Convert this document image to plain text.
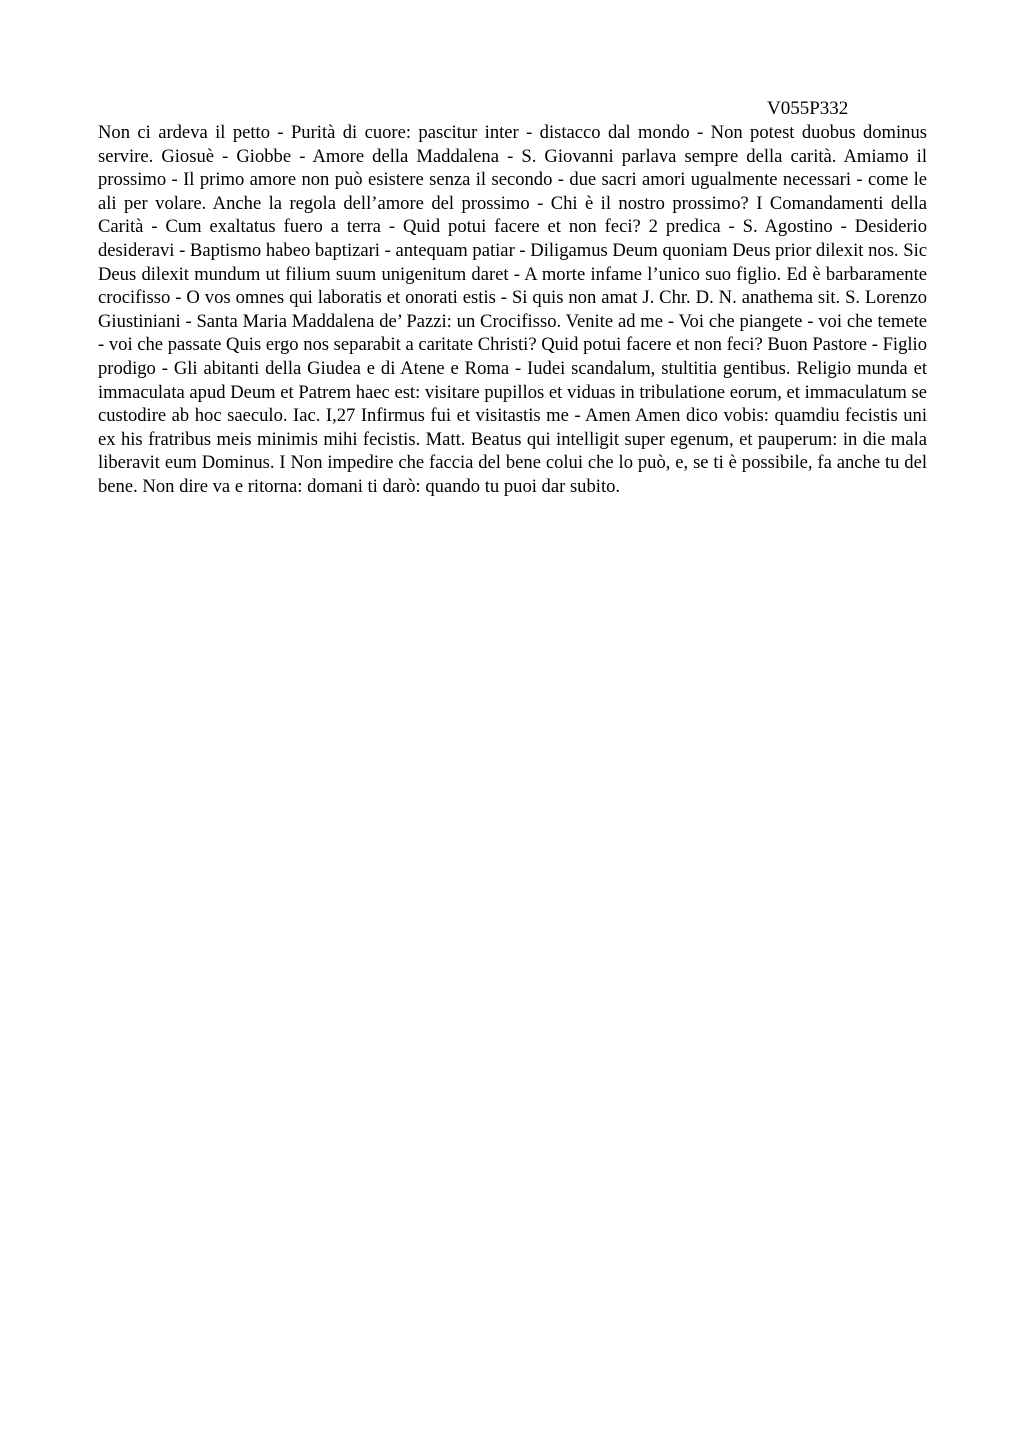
V055P332

Non ci ardeva il petto - Purità di cuore: pascitur inter - distacco dal mondo - Non potest duobus dominus servire. Giosuè - Giobbe - Amore della Maddalena - S. Giovanni parlava sempre della carità. Amiamo il prossimo - Il primo amore non può esistere senza il secondo - due sacri amori ugualmente necessari - come le ali per volare. Anche la regola dell’amore del prossimo - Chi è il nostro prossimo? I Comandamenti della Carità - Cum exaltatus fuero a terra - Quid potui facere et non feci? 2 predica - S. Agostino - Desiderio desideravi - Baptismo habeo baptizari - antequam patiar - Diligamus Deum quoniam Deus prior dilexit nos. Sic Deus dilexit mundum ut filium suum unigenitum daret - A morte infame l’unico suo figlio. Ed è barbaramente crocifisso - O vos omnes qui laboratis et onorati estis - Si quis non amat J. Chr. D. N. anathema sit. S. Lorenzo Giustiniani - Santa Maria Maddalena de’ Pazzi: un Crocifisso. Venite ad me - Voi che piangete - voi che temete - voi che passate Quis ergo nos separabit a caritate Christi? Quid potui facere et non feci? Buon Pastore - Figlio prodigo - Gli abitanti della Giudea e di Atene e Roma - Iudei scandalum, stultitia gentibus. Religio munda et immaculata apud Deum et Patrem haec est: visitare pupillos et viduas in tribulatione eorum, et immaculatum se custodire ab hoc saeculo. Iac. I,27 Infirmus fui et visitastis me - Amen Amen dico vobis: quamdiu fecistis uni ex his fratribus meis minimis mihi fecistis. Matt. Beatus qui intelligit super egenum, et pauperum: in die mala liberavit eum Dominus. I Non impedire che faccia del bene colui che lo può, e, se ti è possibile, fa anche tu del bene. Non dire va e ritorna: domani ti darò: quando tu puoi dar subito.
